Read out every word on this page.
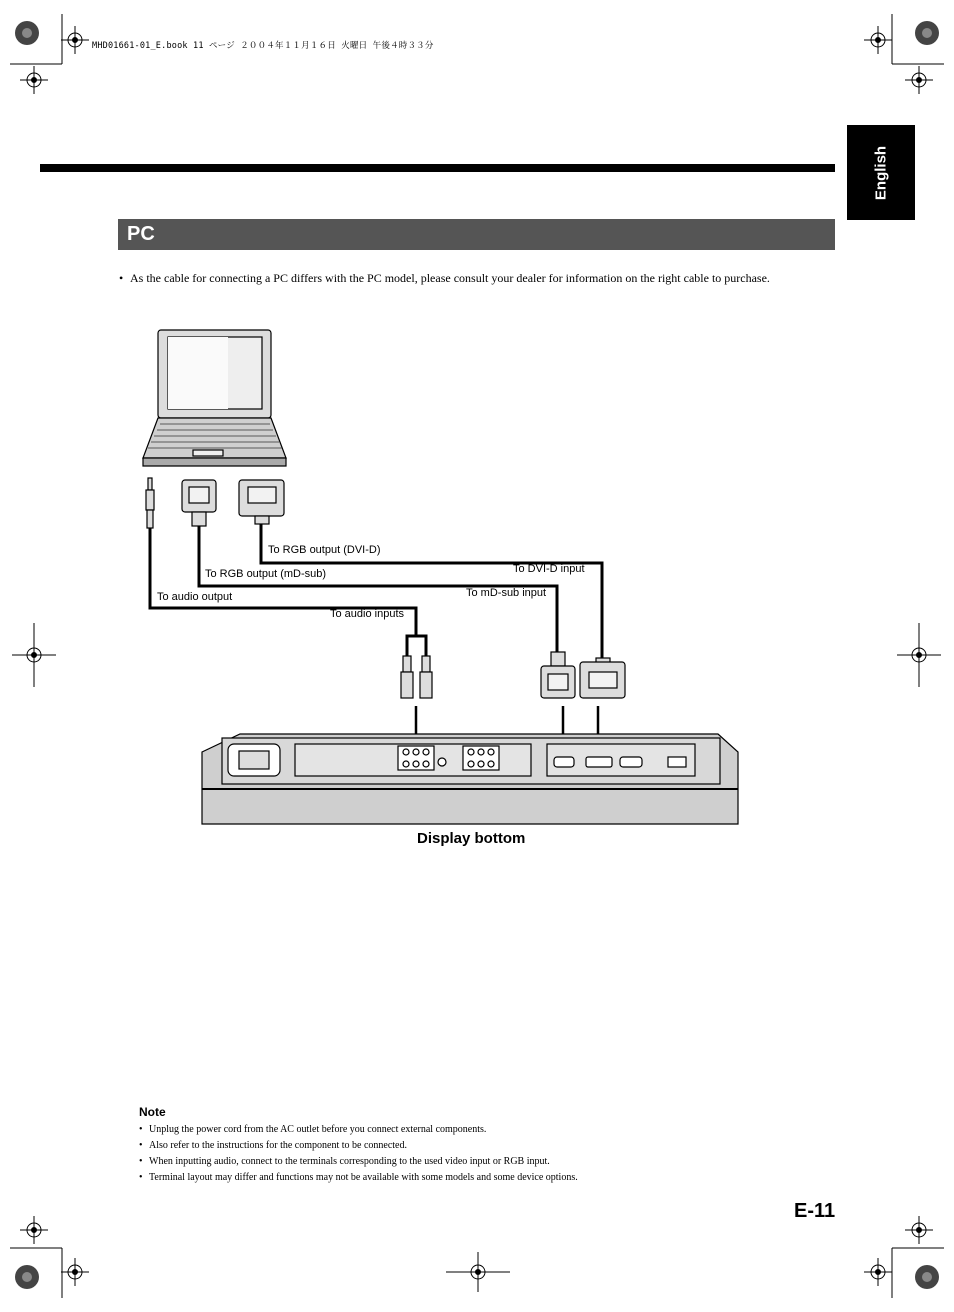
MHD01661-01_E.book 11 ページ ２００４年１１月１６日 火曜日 午後４時３３分
English
PC
• As the cable for connecting a PC differs with the PC model, please consult your dealer for information on the right cable to purchase.
To RGB output (DVI-D)
To RGB output (mD-sub)
To audio output
To DVI-D input
To mD-sub input
To audio inputs
Display bottom
Note
• Unplug the power cord from the AC outlet before you connect external components.
• Also refer to the instructions for the component to be connected.
• When inputting audio, connect to the terminals corresponding to the used video input or RGB input.
• Terminal layout may differ and functions may not be available with some models and some device options.
E-11
